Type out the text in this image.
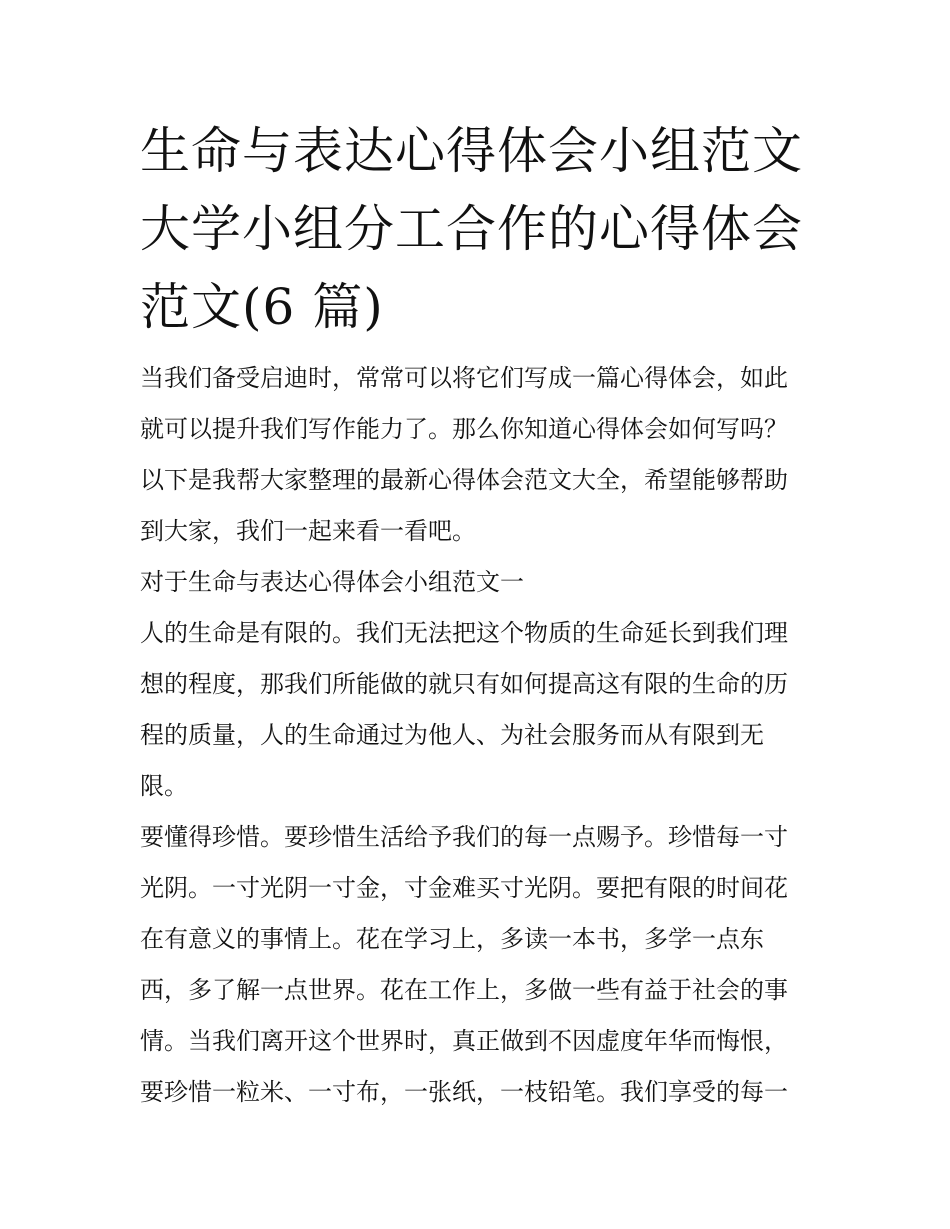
生命与表达心得体会小组范文
大学小组分工合作的心得体会
范文(6 篇)
当我们备受启迪时，常常可以将它们写成一篇心得体会，如此
就可以提升我们写作能力了。那么你知道心得体会如何写吗？
以下是我帮大家整理的最新心得体会范文大全，希望能够帮助
到大家，我们一起来看一看吧。
对于生命与表达心得体会小组范文一
人的生命是有限的。我们无法把这个物质的生命延长到我们理
想的程度，那我们所能做的就只有如何提高这有限的生命的历
程的质量，人的生命通过为他人、为社会服务而从有限到无
限。
要懂得珍惜。要珍惜生活给予我们的每一点赐予。珍惜每一寸
光阴。一寸光阴一寸金，寸金难买寸光阴。要把有限的时间花
在有意义的事情上。花在学习上，多读一本书，多学一点东
西，多了解一点世界。花在工作上，多做一些有益于社会的事
情。当我们离开这个世界时，真正做到不因虚度年华而悔恨，
要珍惜一粒米、一寸布，一张纸，一枝铅笔。我们享受的每一
